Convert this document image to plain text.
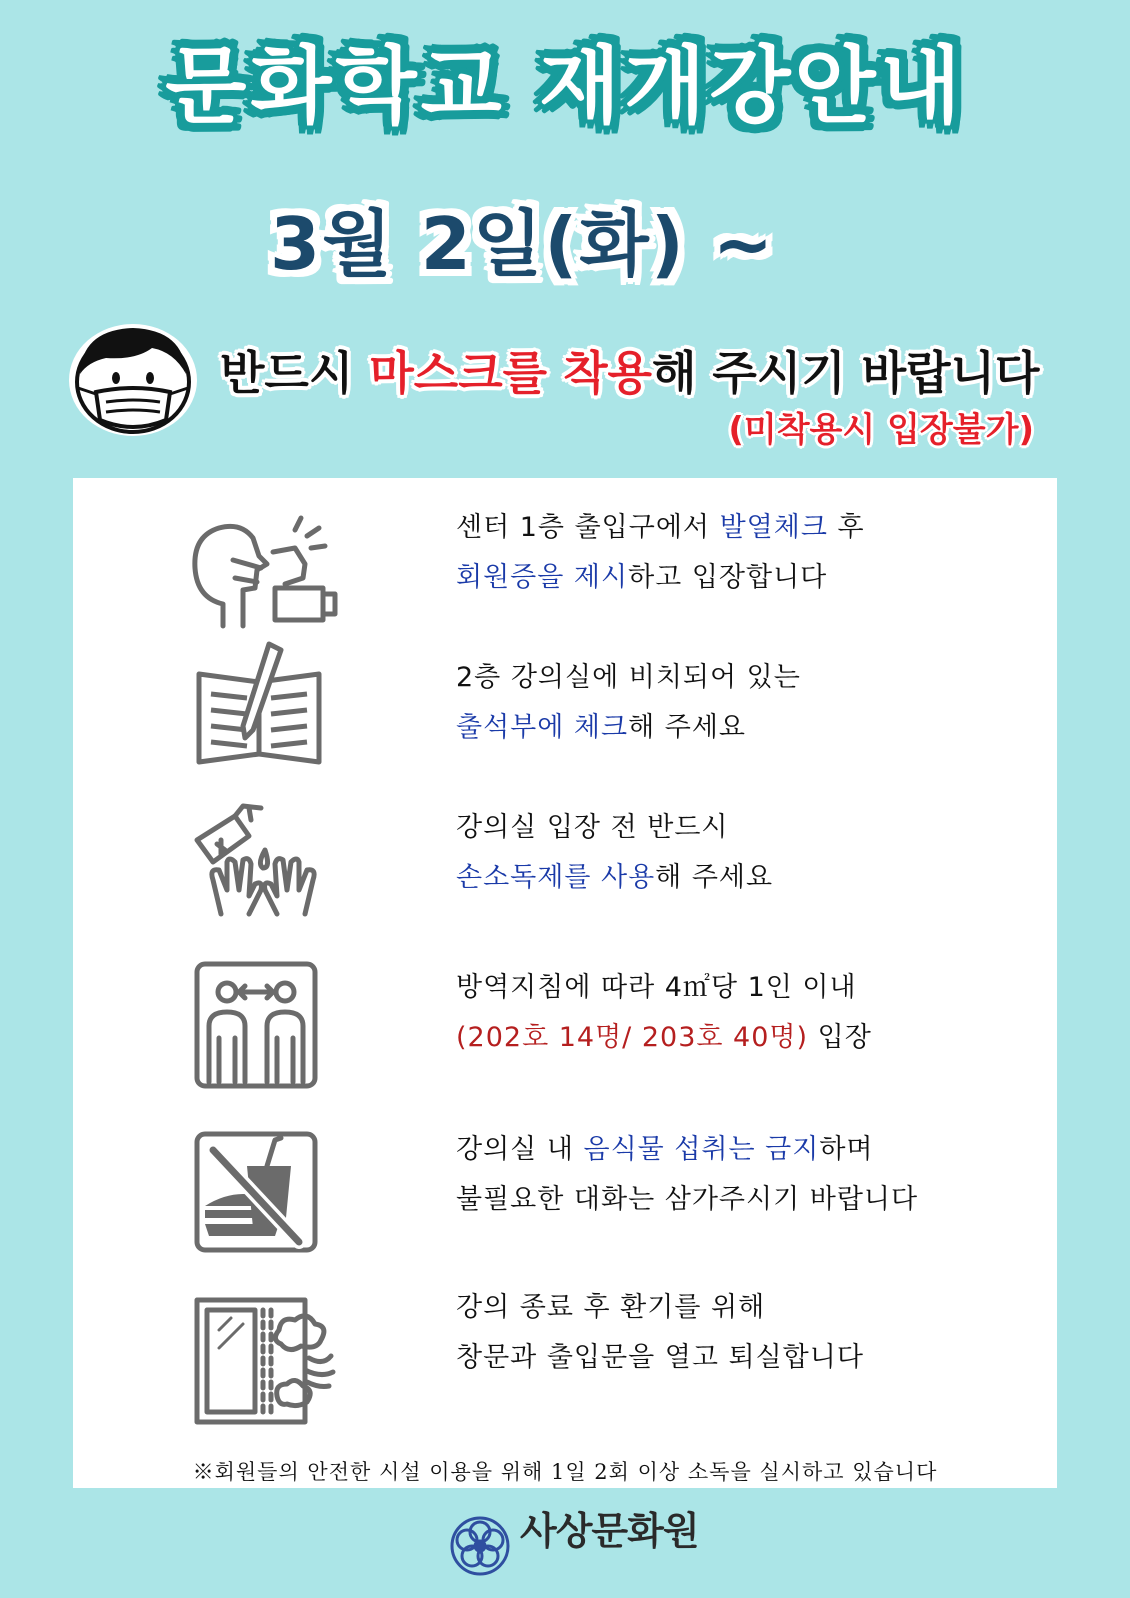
문화학교 재개강안내
3월 2일(화) ~
반드시 마스크를 착용해 주시기 바랍니다
(미착용시 입장불가)
센터 1층 출입구에서 발열체크 후
회원증을 제시하고 입장합니다
2층 강의실에 비치되어 있는
출석부에 체크해 주세요
강의실 입장 전 반드시
손소독제를 사용해 주세요
방역지침에 따라 4㎡당 1인 이내
(202호 14명/ 203호 40명) 입장
강의실 내 음식물 섭취는 금지하며
불필요한 대화는 삼가주시기 바랍니다
강의 종료 후 환기를 위해
창문과 출입문을 열고 퇴실합니다
※회원들의 안전한 시설 이용을 위해 1일 2회 이상 소독을 실시하고 있습니다
사상문화원
